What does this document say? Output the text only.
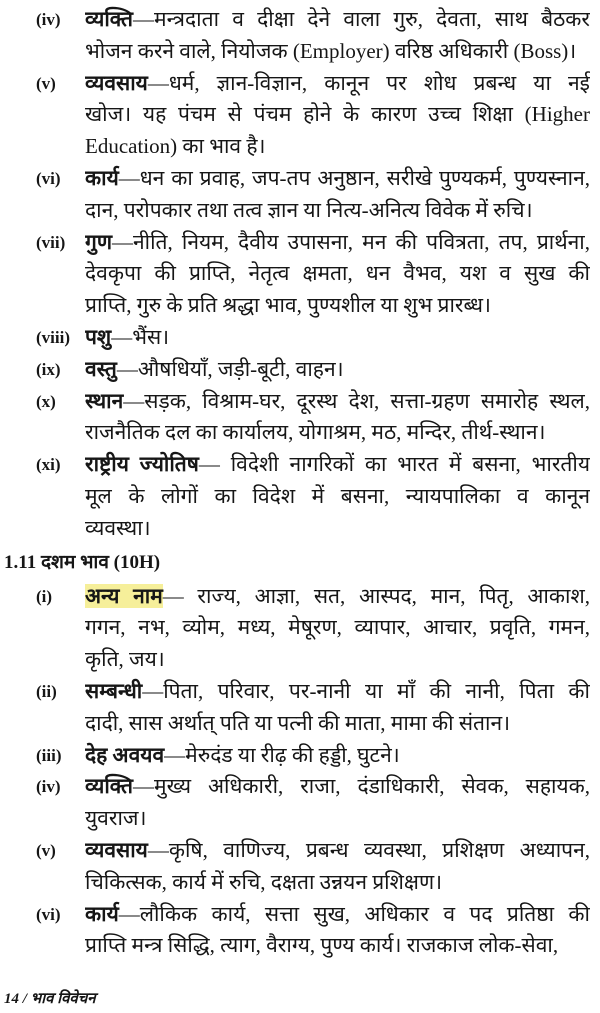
(iv) व्यक्ति—मन्त्रदाता व दीक्षा देने वाला गुरु, देवता, साथ बैठकर
भोजन करने वाले, नियोजक (Employer) वरिष्ठ अधिकारी (Boss)।
(v) व्यवसाय—धर्म, ज्ञान-विज्ञान, कानून पर शोध प्रबन्ध या नई
खोज। यह पंचम से पंचम होने के कारण उच्च शिक्षा (Higher
Education) का भाव है।
(vi) कार्य—धन का प्रवाह, जप-तप अनुष्ठान, सरीखे पुण्यकर्म, पुण्यस्नान,
दान, परोपकार तथा तत्व ज्ञान या नित्य-अनित्य विवेक में रुचि।
(vii) गुण—नीति, नियम, दैवीय उपासना, मन की पवित्रता, तप, प्रार्थना,
देवकृपा की प्राप्ति, नेतृत्व क्षमता, धन वैभव, यश व सुख की
प्राप्ति, गुरु के प्रति श्रद्धा भाव, पुण्यशील या शुभ प्रारब्ध।
(viii) पशु—भैंस।
(ix) वस्तु—औषधियाँ, जड़ी-बूटी, वाहन।
(x) स्थान—सड़क, विश्राम-घर, दूरस्थ देश, सत्ता-ग्रहण समारोह स्थल,
राजनैतिक दल का कार्यालय, योगाश्रम, मठ, मन्दिर, तीर्थ-स्थान।
(xi) राष्ट्रीय ज्योतिष— विदेशी नागरिकों का भारत में बसना, भारतीय
मूल के लोगों का विदेश में बसना, न्यायपालिका व कानून
व्यवस्था।
1.11 दशम भाव (10H)
(i) अन्य नाम— राज्य, आज्ञा, सत, आस्पद, मान, पितृ, आकाश,
गगन, नभ, व्योम, मध्य, मेषूरण, व्यापार, आचार, प्रवृति, गमन,
कृति, जय।
(ii) सम्बन्धी—पिता, परिवार, पर-नानी या माँ की नानी, पिता की
दादी, सास अर्थात् पति या पत्नी की माता, मामा की संतान।
(iii) देह अवयव—मेरुदंड या रीढ़ की हड्डी, घुटने।
(iv) व्यक्ति—मुख्य अधिकारी, राजा, दंडाधिकारी, सेवक, सहायक,
युवराज।
(v) व्यवसाय—कृषि, वाणिज्य, प्रबन्ध व्यवस्था, प्रशिक्षण अध्यापन,
चिकित्सक, कार्य में रुचि, दक्षता उन्नयन प्रशिक्षण।
(vi) कार्य—लौकिक कार्य, सत्ता सुख, अधिकार व पद प्रतिष्ठा की
प्राप्ति मन्त्र सिद्धि, त्याग, वैराग्य, पुण्य कार्य। राजकाज लोक-सेवा,
14 / भाव विवेचन
